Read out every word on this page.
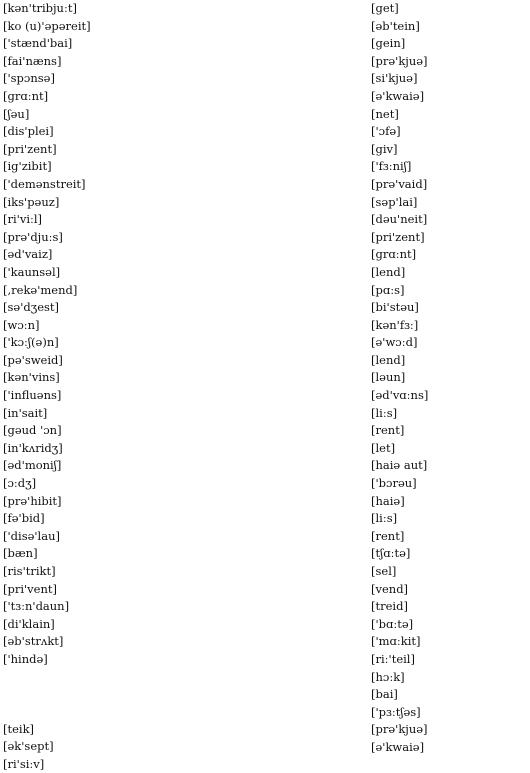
[kən'tribjuːt]
[ko (u)'əpəreit]
['stænd'bai]
[fai'næns]
['spɔnsə]
[grɑːnt]
[ʃəu]
[dis'plei]
[pri'zent]
[ig'zibit]
['demənstreit]
[iks'pəuz]
[ri'viːl]
[prə'djuːs]
[əd'vaiz]
['kaunsəl]
[,rekə'mend]
[sə'dʒest]
[wɔːn]
['kɔːʃ(ə)n]
[pə'sweid]
[kən'vins]
['influəns]
[in'sait]
[gəud 'ɔn]
[in'kʌridʒ]
[əd'moniʃ]
[ɔːdʒ]
[prə'hibit]
[fə'bid]
['disə'lau]
[bæn]
[ris'trikt]
[pri'vent]
['tɜːn'daun]
[di'klain]
[əb'strʌkt]
['hində]
[teik]
[ək'sept]
[ri'siːv]
[get]
[əb'tein]
[gein]
[prə'kjuə]
[si'kjuə]
[ə'kwaiə]
[net]
['ɔfə]
[giv]
['fɜːniʃ]
[prə'vaid]
[səp'lai]
[dəu'neit]
[pri'zent]
[grɑːnt]
[lend]
[pɑːs]
[bi'stəu]
[kən'fɜː]
[ə'wɔːd]
[lend]
[ləun]
[əd'vɑːns]
[liːs]
[rent]
[let]
[haiə aut]
['bɔrəu]
[haiə]
[liːs]
[rent]
[tʃɑːtə]
[sel]
[vend]
[treid]
['bɑːtə]
['mɑːkit]
[riː'teil]
[hɔːk]
[bai]
['pɜːtʃəs]
[prə'kjuə]
[ə'kwaiə]
